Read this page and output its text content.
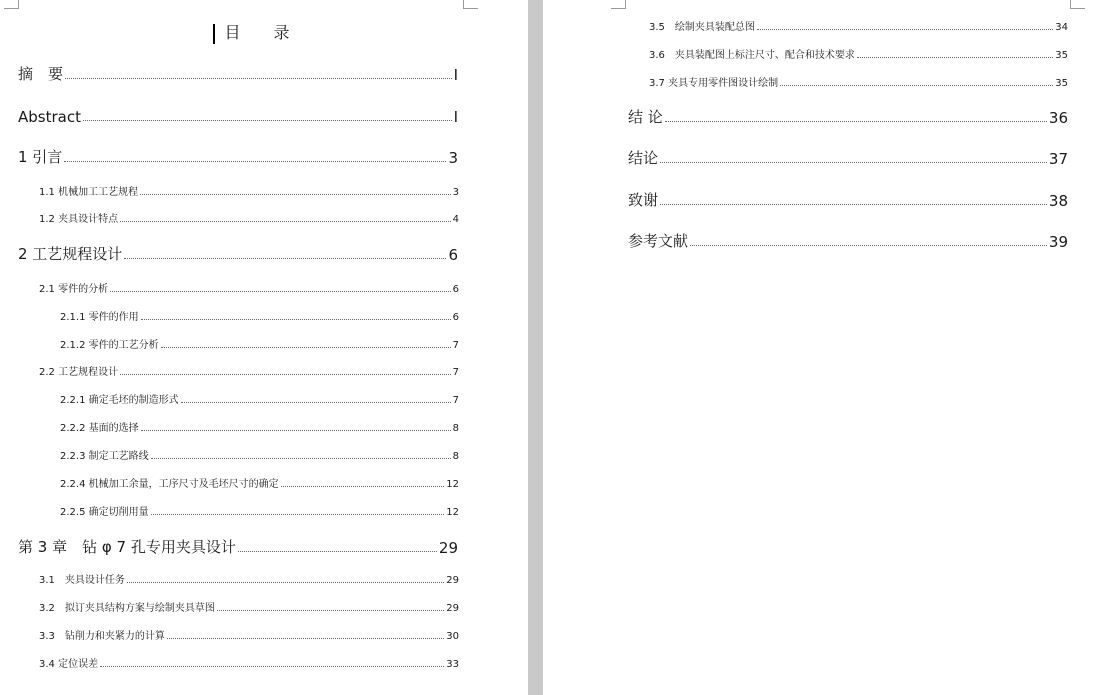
目 录
摘　要	I
Abstract	I
1 引言	3
1.1 机械加工工艺规程	3
1.2 夹具设计特点	4
2 工艺规程设计	6
2.1 零件的分析	6
2.1.1 零件的作用	6
2.1.2 零件的工艺分析	7
2.2 工艺规程设计	7
2.2.1 确定毛坯的制造形式	7
2.2.2 基面的选择	8
2.2.3 制定工艺路线	8
2.2.4 机械加工余量，工序尺寸及毛坯尺寸的确定	12
2.2.5 确定切削用量	12
第 3 章　钻 φ 7 孔专用夹具设计	29
3.1　夹具设计任务	29
3.2　拟订夹具结构方案与绘制夹具草图	29
3.3　钻削力和夹紧力的计算	30
3.4 定位误差	33
3.5　绘制夹具装配总图	34
3.6　夹具装配图上标注尺寸、配合和技术要求	35
3.7 夹具专用零件图设计绘制	35
结 论	36
结论	37
致谢	38
参考文献	39
